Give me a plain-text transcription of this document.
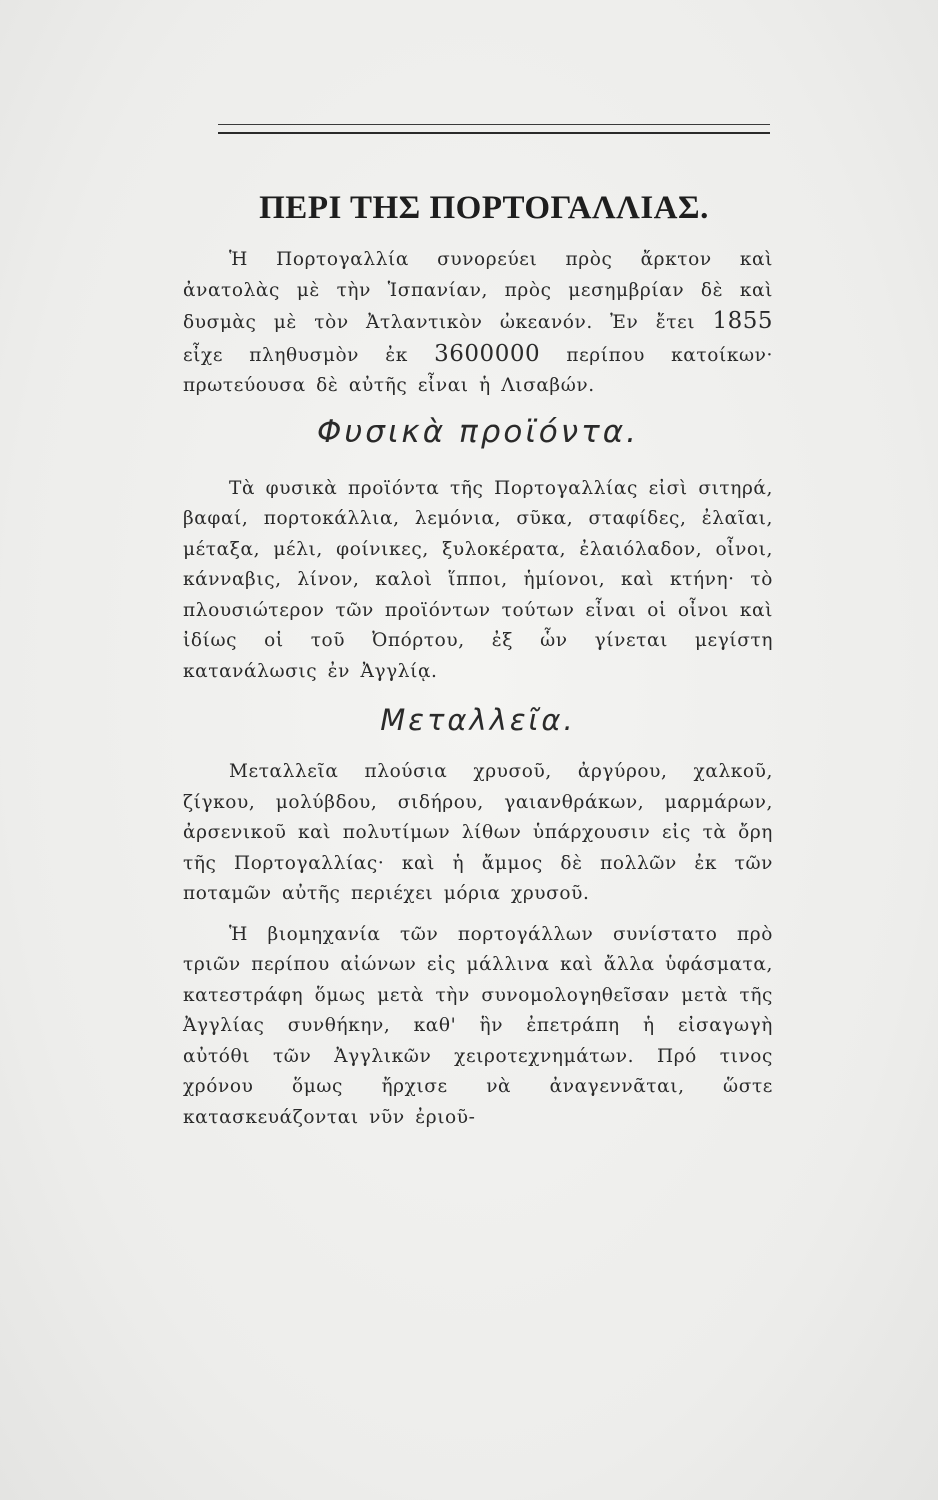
ΠΕΡΙ ΤΗΣ ΠΟΡΤΟΓΑΛΛΙΑΣ.

Ἡ Πορτογαλλία συνορεύει πρὸς ἄρκτον καὶ ἀνατολὰς μὲ τὴν Ἱσπανίαν, πρὸς μεσημβρίαν δὲ καὶ δυσμὰς μὲ τὸν Ἀτλαντικὸν ὠκεανόν. Ἐν ἔτει 1855 εἶχε πληθυσμὸν ἐκ 3600000 περίπου κατοίκων· πρωτεύουσα δὲ αὐτῆς εἶναι ἡ Λισαβών.

Φυσικὰ προϊόντα.

Τὰ φυσικὰ προϊόντα τῆς Πορτογαλλίας εἰσὶ σιτηρά, βαφαί, πορτοκάλλια, λεμόνια, σῦκα, σταφίδες, ἐλαῖαι, μέταξα, μέλι, φοίνικες, ξυλοκέρατα, ἐλαιόλαδον, οἶνοι, κάνναβις, λίνον, καλοὶ ἵπποι, ἡμίονοι, καὶ κτήνη· τὸ πλουσιώτερον τῶν προϊόντων τούτων εἶναι οἱ οἶνοι καὶ ἰδίως οἱ τοῦ Ὀπόρτου, ἐξ ὧν γίνεται μεγίστη κατανάλωσις ἐν Ἀγγλίᾳ.

Μεταλλεῖα.

Μεταλλεῖα πλούσια χρυσοῦ, ἀργύρου, χαλκοῦ, ζίγκου, μολύβδου, σιδήρου, γαιανθράκων, μαρμάρων, ἀρσενικοῦ καὶ πολυτίμων λίθων ὑπάρχουσιν εἰς τὰ ὄρη τῆς Πορτογαλλίας· καὶ ἡ ἄμμος δὲ πολλῶν ἐκ τῶν ποταμῶν αὐτῆς περιέχει μόρια χρυσοῦ.

Ἡ βιομηχανία τῶν πορτογάλλων συνίστατο πρὸ τριῶν περίπου αἰώνων εἰς μάλλινα καὶ ἄλλα ὑφάσματα, κατεστράφη ὅμως μετὰ τὴν συνομολογηθεῖσαν μετὰ τῆς Ἀγγλίας συνθήκην, καθ' ἣν ἐπετράπη ἡ εἰσαγωγὴ αὐτόθι τῶν Ἀγγλικῶν χειροτεχνημάτων. Πρό τινος χρόνου ὅμως ἤρχισε νὰ ἀναγεννᾶται, ὥστε κατασκευάζονται νῦν ἐριοῦ-
